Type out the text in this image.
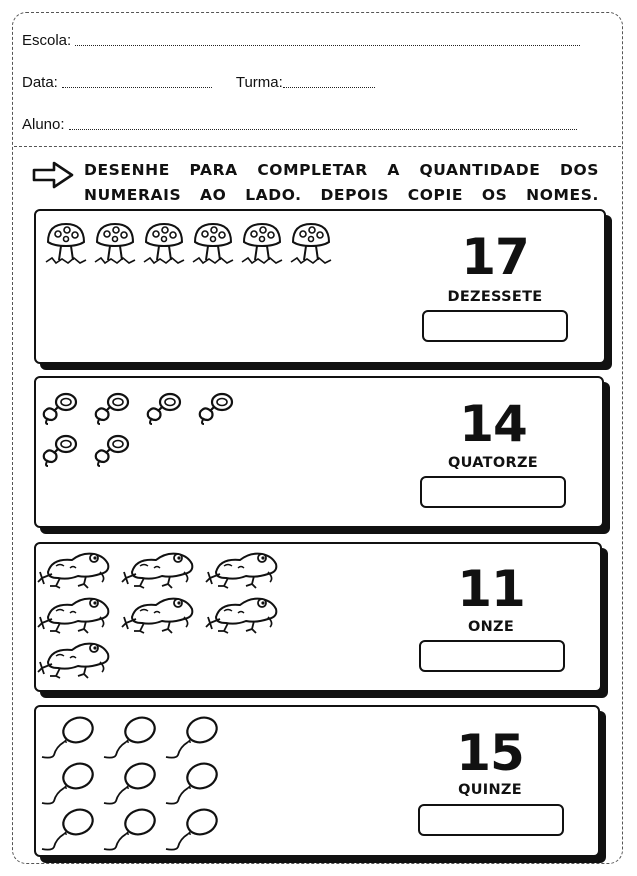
Escola:
Data:	Turma:
Aluno:
DESENHE PARA COMPLETAR A QUANTIDADE DOS NUMERAIS AO LADO. DEPOIS COPIE OS NOMES.
17
DEZESSETE
14
QUATORZE
11
ONZE
15
QUINZE
